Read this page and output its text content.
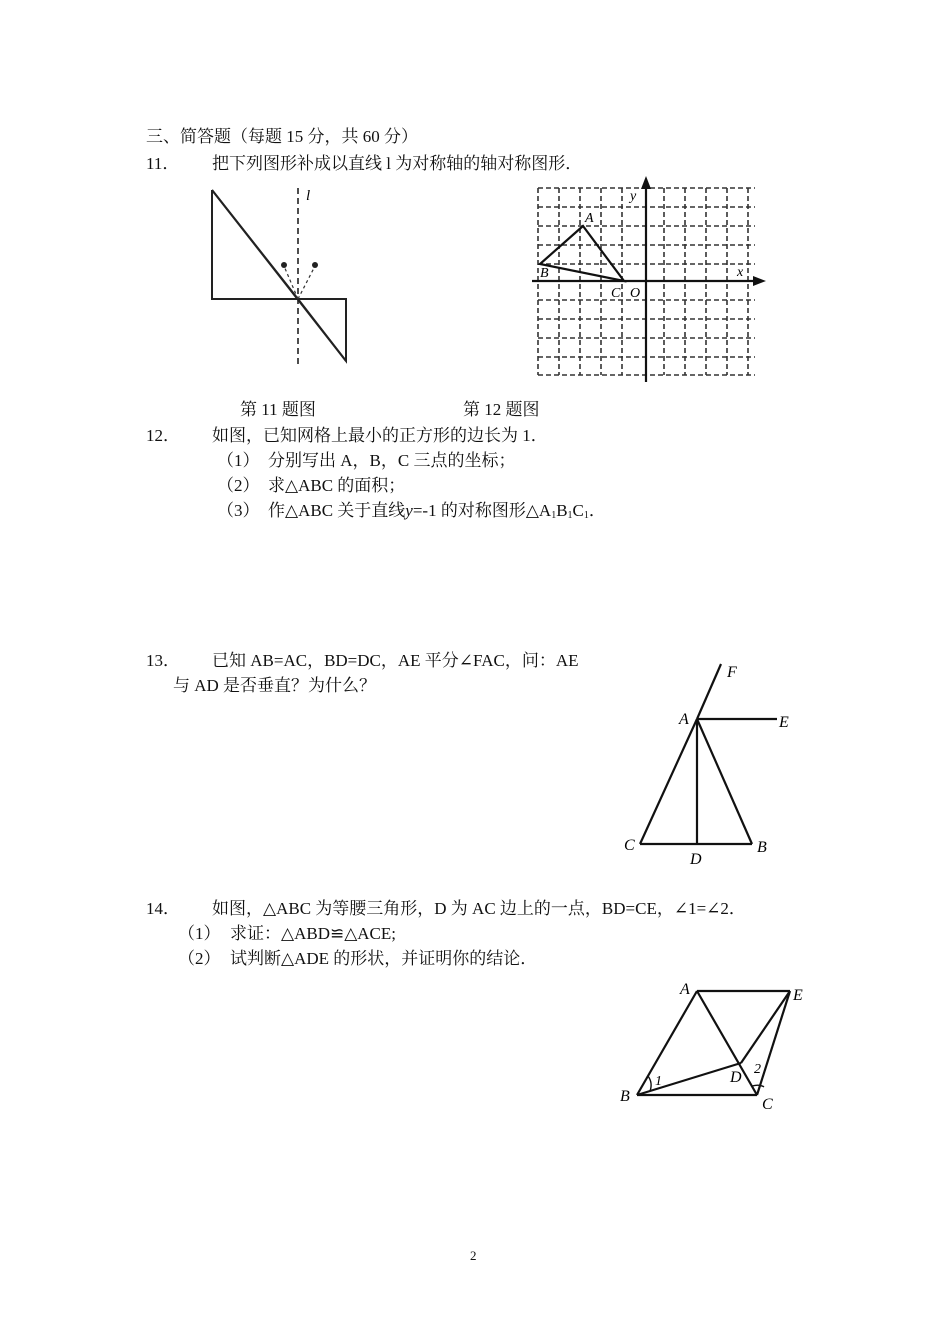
三、简答题（每题 15 分，共 60 分）
11． 把下列图形补成以直线 l 为对称轴的轴对称图形．
l
第 11 题图
y
A
B	x
C O
第 12 题图
12． 如图，已知网格上最小的正方形的边长为 1．
（1） 分别写出 A，B，C 三点的坐标；
（2） 求△ABC 的面积；
（3） 作△ABC 关于直线y=-1 的对称图形$\triangle A_1B_1C_1$．
13． 已知 AB=AC，BD=DC，AE 平分∠FAC，问：AE
与 AD 是否垂直？为什么？
F
A	E
C
D
B
14． 如图，△ABC 为等腰三角形，D 为 AC 边上的一点，BD=CE，∠1=∠2．
（1） 求证：△ABD≌△ACE;
（2） 试判断△ADE 的形状，并证明你的结论．
A	E
B	C
D
1
2
2
